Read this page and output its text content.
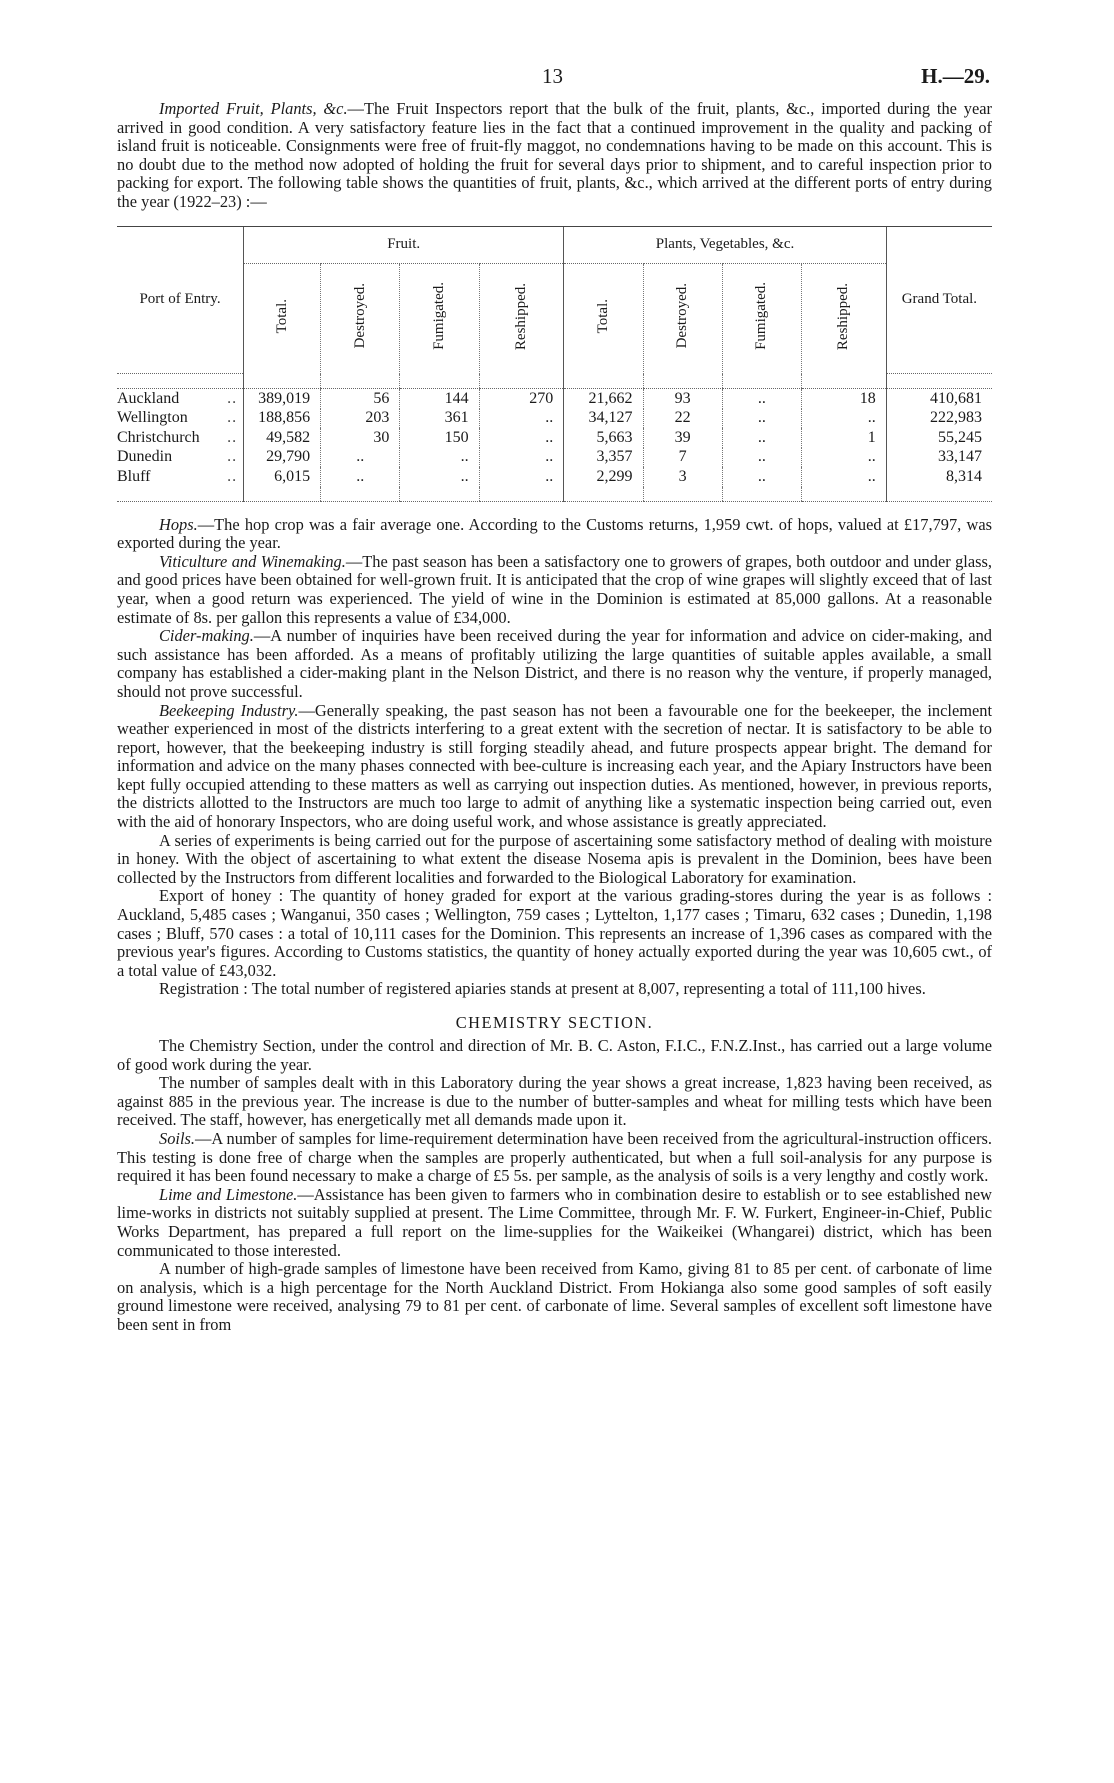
13	H.—29.

Imported Fruit, Plants, &c.—The Fruit Inspectors report that the bulk of the fruit, plants, &c., imported during the year arrived in good condition. A very satisfactory feature lies in the fact that a continued improvement in the quality and packing of island fruit is noticeable. Consignments were free of fruit-fly maggot, no condemnations having to be made on this account. This is no doubt due to the method now adopted of holding the fruit for several days prior to shipment, and to careful inspection prior to packing for export. The following table shows the quantities of fruit, plants, &c., which arrived at the different ports of entry during the year (1922–23) :—

Port of Entry.	Fruit.				Plants, Vegetables, &c.				Grand Total.
	Total.	Destroyed.	Fumigated.	Reshipped.	Total.	Destroyed.	Fumigated.	Reshipped.	

Auckland ..	389,019	56	144	270	21,662	93	..	18	410,681
Wellington ..	188,856	203	361	..	34,127	22	..	..	222,983
Christchurch ..	49,582	30	150	..	5,663	39	..	1	55,245
Dunedin ..	29,790	..	..	..	3,357	7	..	..	33,147
Bluff ..	6,015	..	..	..	2,299	3	..	..	8,314

Hops.—The hop crop was a fair average one. According to the Customs returns, 1,959 cwt. of hops, valued at £17,797, was exported during the year.

Viticulture and Winemaking.—The past season has been a satisfactory one to growers of grapes, both outdoor and under glass, and good prices have been obtained for well-grown fruit. It is anticipated that the crop of wine grapes will slightly exceed that of last year, when a good return was experienced. The yield of wine in the Dominion is estimated at 85,000 gallons. At a reasonable estimate of 8s. per gallon this represents a value of £34,000.

Cider-making.—A number of inquiries have been received during the year for information and advice on cider-making, and such assistance has been afforded. As a means of profitably utilizing the large quantities of suitable apples available, a small company has established a cider-making plant in the Nelson District, and there is no reason why the venture, if properly managed, should not prove successful.

Beekeeping Industry.—Generally speaking, the past season has not been a favourable one for the beekeeper, the inclement weather experienced in most of the districts interfering to a great extent with the secretion of nectar. It is satisfactory to be able to report, however, that the beekeeping industry is still forging steadily ahead, and future prospects appear bright. The demand for information and advice on the many phases connected with bee-culture is increasing each year, and the Apiary Instructors have been kept fully occupied attending to these matters as well as carrying out inspection duties. As mentioned, however, in previous reports, the districts allotted to the Instructors are much too large to admit of anything like a systematic inspection being carried out, even with the aid of honorary Inspectors, who are doing useful work, and whose assistance is greatly appreciated.

A series of experiments is being carried out for the purpose of ascertaining some satisfactory method of dealing with moisture in honey. With the object of ascertaining to what extent the disease Nosema apis is prevalent in the Dominion, bees have been collected by the Instructors from different localities and forwarded to the Biological Laboratory for examination.

Export of honey : The quantity of honey graded for export at the various grading-stores during the year is as follows : Auckland, 5,485 cases ; Wanganui, 350 cases ; Wellington, 759 cases ; Lyttelton, 1,177 cases ; Timaru, 632 cases ; Dunedin, 1,198 cases ; Bluff, 570 cases : a total of 10,111 cases for the Dominion. This represents an increase of 1,396 cases as compared with the previous year's figures. According to Customs statistics, the quantity of honey actually exported during the year was 10,605 cwt., of a total value of £43,032.

Registration : The total number of registered apiaries stands at present at 8,007, representing a total of 111,100 hives.

CHEMISTRY SECTION.

The Chemistry Section, under the control and direction of Mr. B. C. Aston, F.I.C., F.N.Z.Inst., has carried out a large volume of good work during the year.

The number of samples dealt with in this Laboratory during the year shows a great increase, 1,823 having been received, as against 885 in the previous year. The increase is due to the number of butter-samples and wheat for milling tests which have been received. The staff, however, has energetically met all demands made upon it.

Soils.—A number of samples for lime-requirement determination have been received from the agricultural-instruction officers. This testing is done free of charge when the samples are properly authenticated, but when a full soil-analysis for any purpose is required it has been found necessary to make a charge of £5 5s. per sample, as the analysis of soils is a very lengthy and costly work.

Lime and Limestone.—Assistance has been given to farmers who in combination desire to establish or to see established new lime-works in districts not suitably supplied at present. The Lime Committee, through Mr. F. W. Furkert, Engineer-in-Chief, Public Works Department, has prepared a full report on the lime-supplies for the Waikeikei (Whangarei) district, which has been communicated to those interested.

A number of high-grade samples of limestone have been received from Kamo, giving 81 to 85 per cent. of carbonate of lime on analysis, which is a high percentage for the North Auckland District. From Hokianga also some good samples of soft easily ground limestone were received, analysing 79 to 81 per cent. of carbonate of lime. Several samples of excellent soft limestone have been sent in from
